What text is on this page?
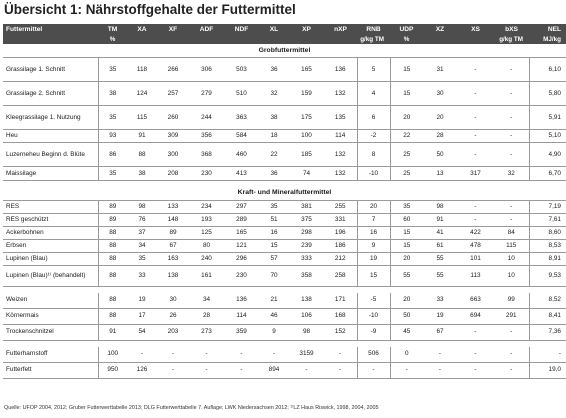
Übersicht 1: Nährstoffgehalte der Futtermittel
Futtermittel	TM	XA	XF	ADF	NDF	XL	XP	nXP	RNB	UDP	XZ	XS	bXS	NEL
	%	g/kg TM								%	g/kg TM			MJ/kg
Grobfuttermittel														
Grassilage 1. Schnitt	35	118	266	306	503	36	165	136	5	15	31	-	-	6,10
Grassilage 2. Schnitt	38	124	257	279	510	32	159	132	4	15	30	-	-	5,80
Kleegrassilage 1. Nutzung	35	115	260	244	363	38	175	135	6	20	20	-	-	5,91
Heu	93	91	309	356	584	18	100	114	-2	22	28	-	-	5,10
Luzerneheu Beginn d. Blüte	86	88	300	368	460	22	185	132	8	25	50	-	-	4,90
Maissilage	35	38	208	230	413	36	74	132	-10	25	13	317	32	6,70

Kraft- und Mineralfuttermittel														
RES	89	98	133	234	297	35	381	255	20	35	98	-	-	7,19
RES geschützt	89	76	148	193	289	51	375	331	7	60	91	-	-	7,61
Ackerbohnen	88	37	89	125	165	16	298	196	16	15	41	422	84	8,60
Erbsen	88	34	67	80	121	15	239	186	9	15	61	478	115	8,53
Lupinen (Blau)	88	35	163	240	296	57	333	212	19	20	55	101	10	8,91
Lupinen (Blau)¹⁾ (behandelt)	88	33	138	161	230	70	358	258	15	55	55	113	10	9,53

Weizen	88	19	30	34	136	21	138	171	-5	20	33	663	99	8,52
Körnermais	88	17	26	28	114	46	106	168	-10	50	19	694	291	8,41
Trockenschnitzel	91	54	203	273	359	9	98	152	-9	45	67	-	-	7,36

Futterharnstoff	100	-	-	-	-	-	3159	-	506	0	-	-	-	-
Futterfett	950	126	-	-	-	894	-	-	-	-	-	-	-	19,0
Quelle: UFOP 2004, 2012; Gruber Futterwerttabelle 2013; DLG Futterwerttabelle 7. Auflage; LWK Niedersachsen 2012; ¹⁾LZ Haus Riswick, 1998, 2004, 2005
